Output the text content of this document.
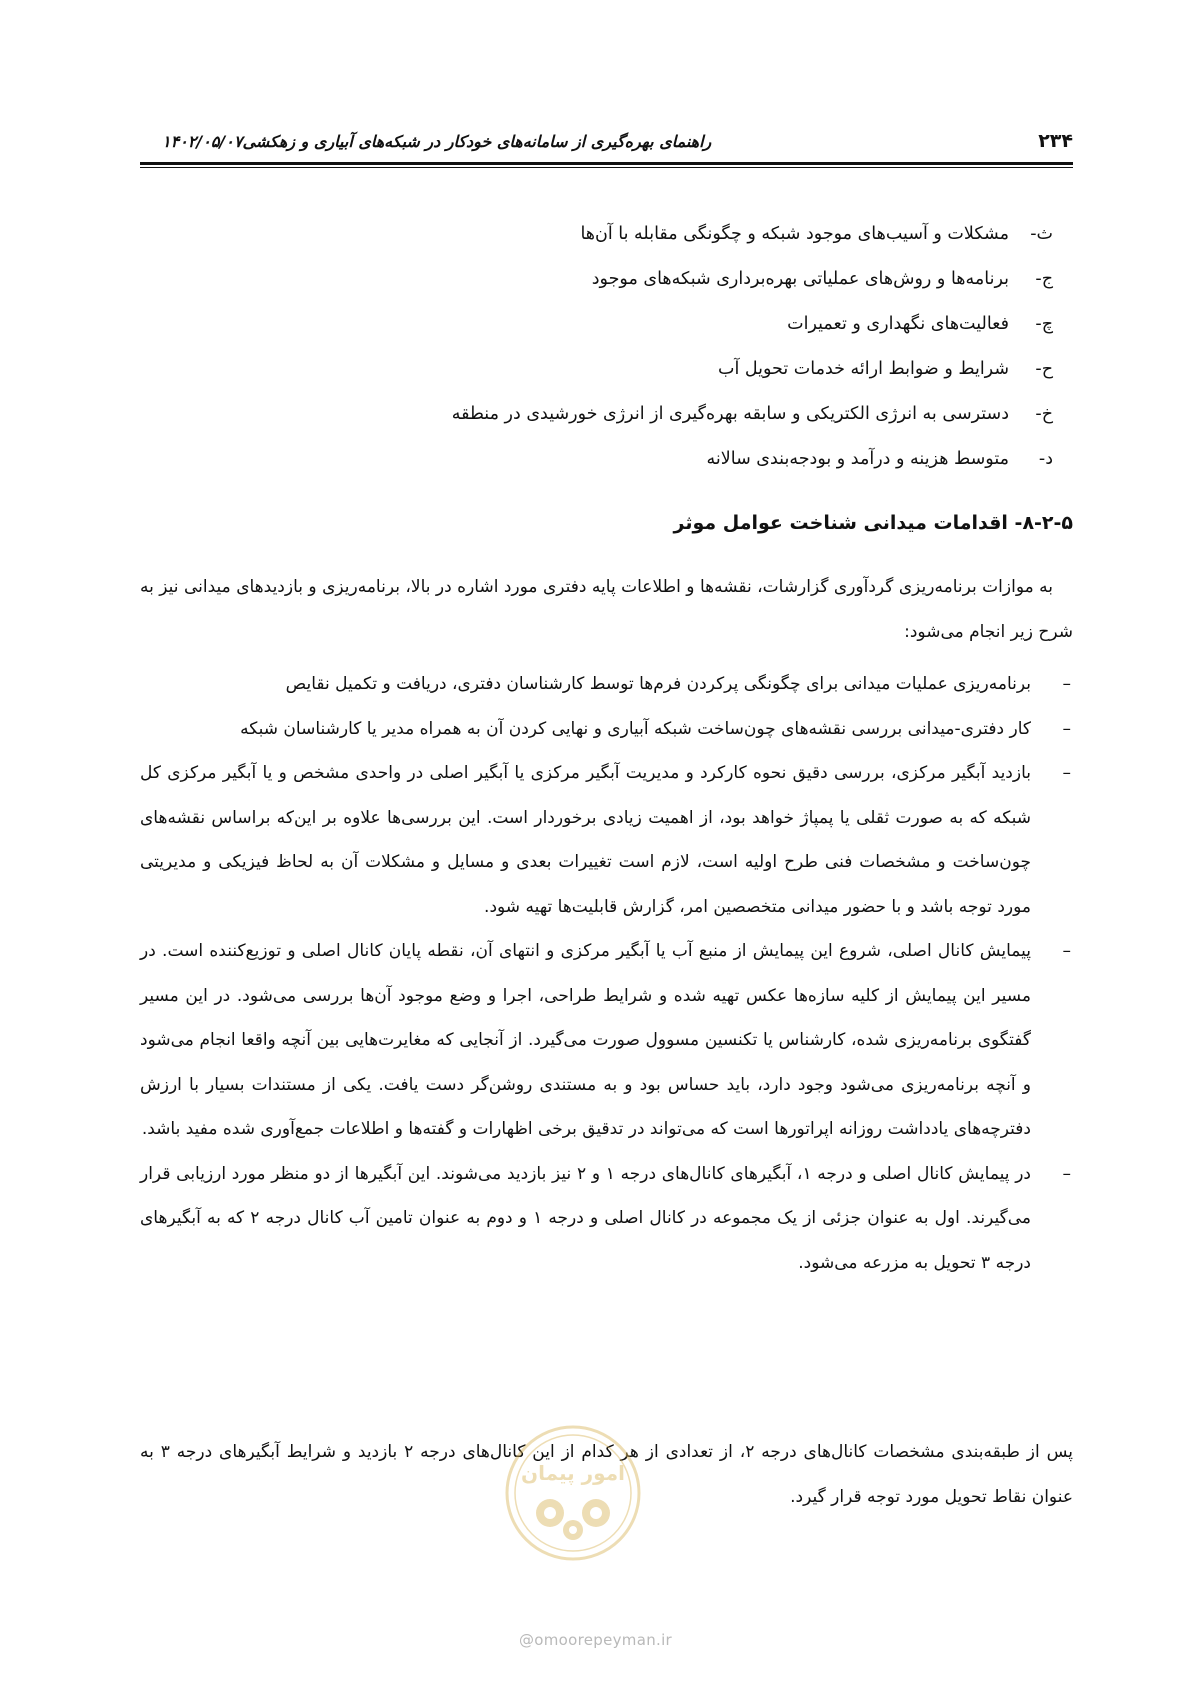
۲۳۴
راهنمای بهره‌گیری از سامانه‌های خودکار در شبکه‌های آبیاری و زهکشی۱۴۰۲/۰۵/۰۷
ث-مشکلات و آسیب‌های موجود شبکه و چگونگی مقابله با آن‌ها
ج-برنامه‌ها و روش‌های عملیاتی بهره‌برداری شبکه‌های موجود
چ-فعالیت‌های نگهداری و تعمیرات
ح-شرایط و ضوابط ارائه خدمات تحویل آب
خ-دسترسی به انرژی الکتریکی و سابقه بهره‌گیری از انرژی خورشیدی در منطقه
د-متوسط هزینه و درآمد و بودجه‌بندی سالانه
۸-۲-۵- اقدامات میدانی شناخت عوامل موثر

به موازات برنامه‌ریزی گردآوری گزارشات، نقشه‌ها و اطلاعات پایه دفتری مورد اشاره در بالا، برنامه‌ریزی و بازدیدهای میدانی نیز به شرح زیر انجام می‌شود:

–
برنامه‌ریزی عملیات میدانی برای چگونگی پرکردن فرم‌ها توسط کارشناسان دفتری، دریافت و تکمیل نقایص
–
کار دفتری-میدانی بررسی نقشه‌های چون‌ساخت شبکه آبیاری و نهایی کردن آن به همراه مدیر یا کارشناسان شبکه
–
بازدید آبگیر مرکزی، بررسی دقیق نحوه کارکرد و مدیریت آبگیر مرکزی یا آبگیر اصلی در واحدی مشخص و یا آبگیر مرکزی کل شبکه که به صورت ثقلی یا پمپاژ خواهد بود، از اهمیت زیادی برخوردار است. این بررسی‌ها علاوه بر این‌که براساس نقشه‌های چون‌ساخت و مشخصات فنی طرح اولیه است، لازم است تغییرات بعدی و مسایل و مشکلات آن به لحاظ فیزیکی و مدیریتی مورد توجه باشد و با حضور میدانی متخصصین امر، گزارش قابلیت‌ها تهیه شود.
–
پیمایش کانال اصلی، شروع این پیمایش از منبع آب یا آبگیر مرکزی و انتهای آن، نقطه پایان کانال اصلی و توزیع‌کننده است. در مسیر این پیمایش از کلیه سازه‌ها عکس تهیه شده و شرایط طراحی، اجرا و وضع موجود آن‌ها بررسی می‌شود. در این مسیر گفتگوی برنامه‌ریزی شده، کارشناس یا تکنسین مسوول صورت می‌گیرد. از آنجایی که مغایرت‌هایی بین آنچه واقعا انجام می‌شود و آنچه برنامه‌ریزی می‌شود وجود دارد، باید حساس بود و به مستندی روشن‌گر دست یافت. یکی از مستندات بسیار با ارزش دفترچه‌های یادداشت روزانه اپراتورها است که می‌تواند در تدقیق برخی اظهارات و گفته‌ها و اطلاعات جمع‌آوری شده مفید باشد.
–
در پیمایش کانال اصلی و درجه ۱، آبگیرهای کانال‌های درجه ۱ و ۲ نیز بازدید می‌شوند. این آبگیرها از دو منظر مورد ارزیابی قرار می‌گیرند. اول به عنوان جزئی از یک مجموعه در کانال اصلی و درجه ۱ و دوم به عنوان تامین آب کانال درجه ۲ که به آبگیرهای درجه ۳ تحویل به مزرعه می‌شود.

پس از طبقه‌بندی مشخصات کانال‌های درجه ۲، از تعدادی از هر کدام از این کانال‌های درجه ۲ بازدید و شرایط آبگیرهای درجه ۳ به عنوان نقاط تحویل مورد توجه قرار گیرد.

امور پیمان
@omoorepeyman.ir
